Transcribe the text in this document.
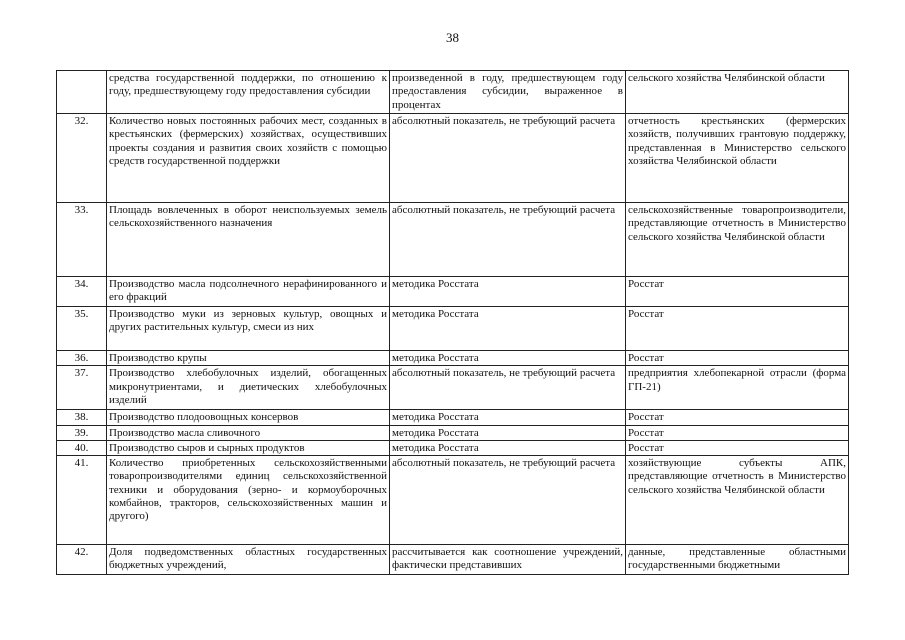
38
	средства государственной поддержки, по отношению к году, предшествующему году предоставления субсидии	произведенной в году, предшествующем году предоставления субсидии, выраженное в процентах	сельского хозяйства Челябинской области
32.	Количество новых постоянных рабочих мест, созданных в крестьянских (фермерских) хозяйствах, осуществивших проекты создания и развития своих хозяйств с помощью средств государственной поддержки	абсолютный показатель, не требующий расчета	отчетность крестьянских (фермерских хозяйств, получивших грантовую поддержку, представленная в Министерство сельского хозяйства Челябинской области
33.	Площадь вовлеченных в оборот неиспользуемых земель сельскохозяйственного назначения	абсолютный показатель, не требующий расчета	сельскохозяйственные товаропроизводители, представляющие отчетность в Министерство сельского хозяйства Челябинской области
34.	Производство масла подсолнечного нерафинированного и его фракций	методика Росстата	Росстат
35.	Производство муки из зерновых культур, овощных и других растительных культур, смеси из них	методика Росстата	Росстат
36.	Производство крупы	методика Росстата	Росстат
37.	Производство хлебобулочных изделий, обогащенных микронутриентами, и диетических хлебобулочных изделий	абсолютный показатель, не требующий расчета	предприятия хлебопекарной отрасли (форма ГП-21)
38.	Производство плодоовощных консервов	методика Росстата	Росстат
39.	Производство масла сливочного	методика Росстата	Росстат
40.	Производство сыров и сырных продуктов	методика Росстата	Росстат
41.	Количество приобретенных сельскохозяйственными товаропроизводителями единиц сельскохозяйственной техники и оборудования (зерно- и кормоуборочных комбайнов, тракторов, сельскохозяйственных машин и другого)	абсолютный показатель, не требующий расчета	хозяйствующие субъекты АПК, представляющие отчетность в Министерство сельского хозяйства Челябинской области
42.	Доля подведомственных областных государственных бюджетных учреждений,	рассчитывается как соотношение учреждений, фактически представивших	данные, представленные областными государственными бюджетными
